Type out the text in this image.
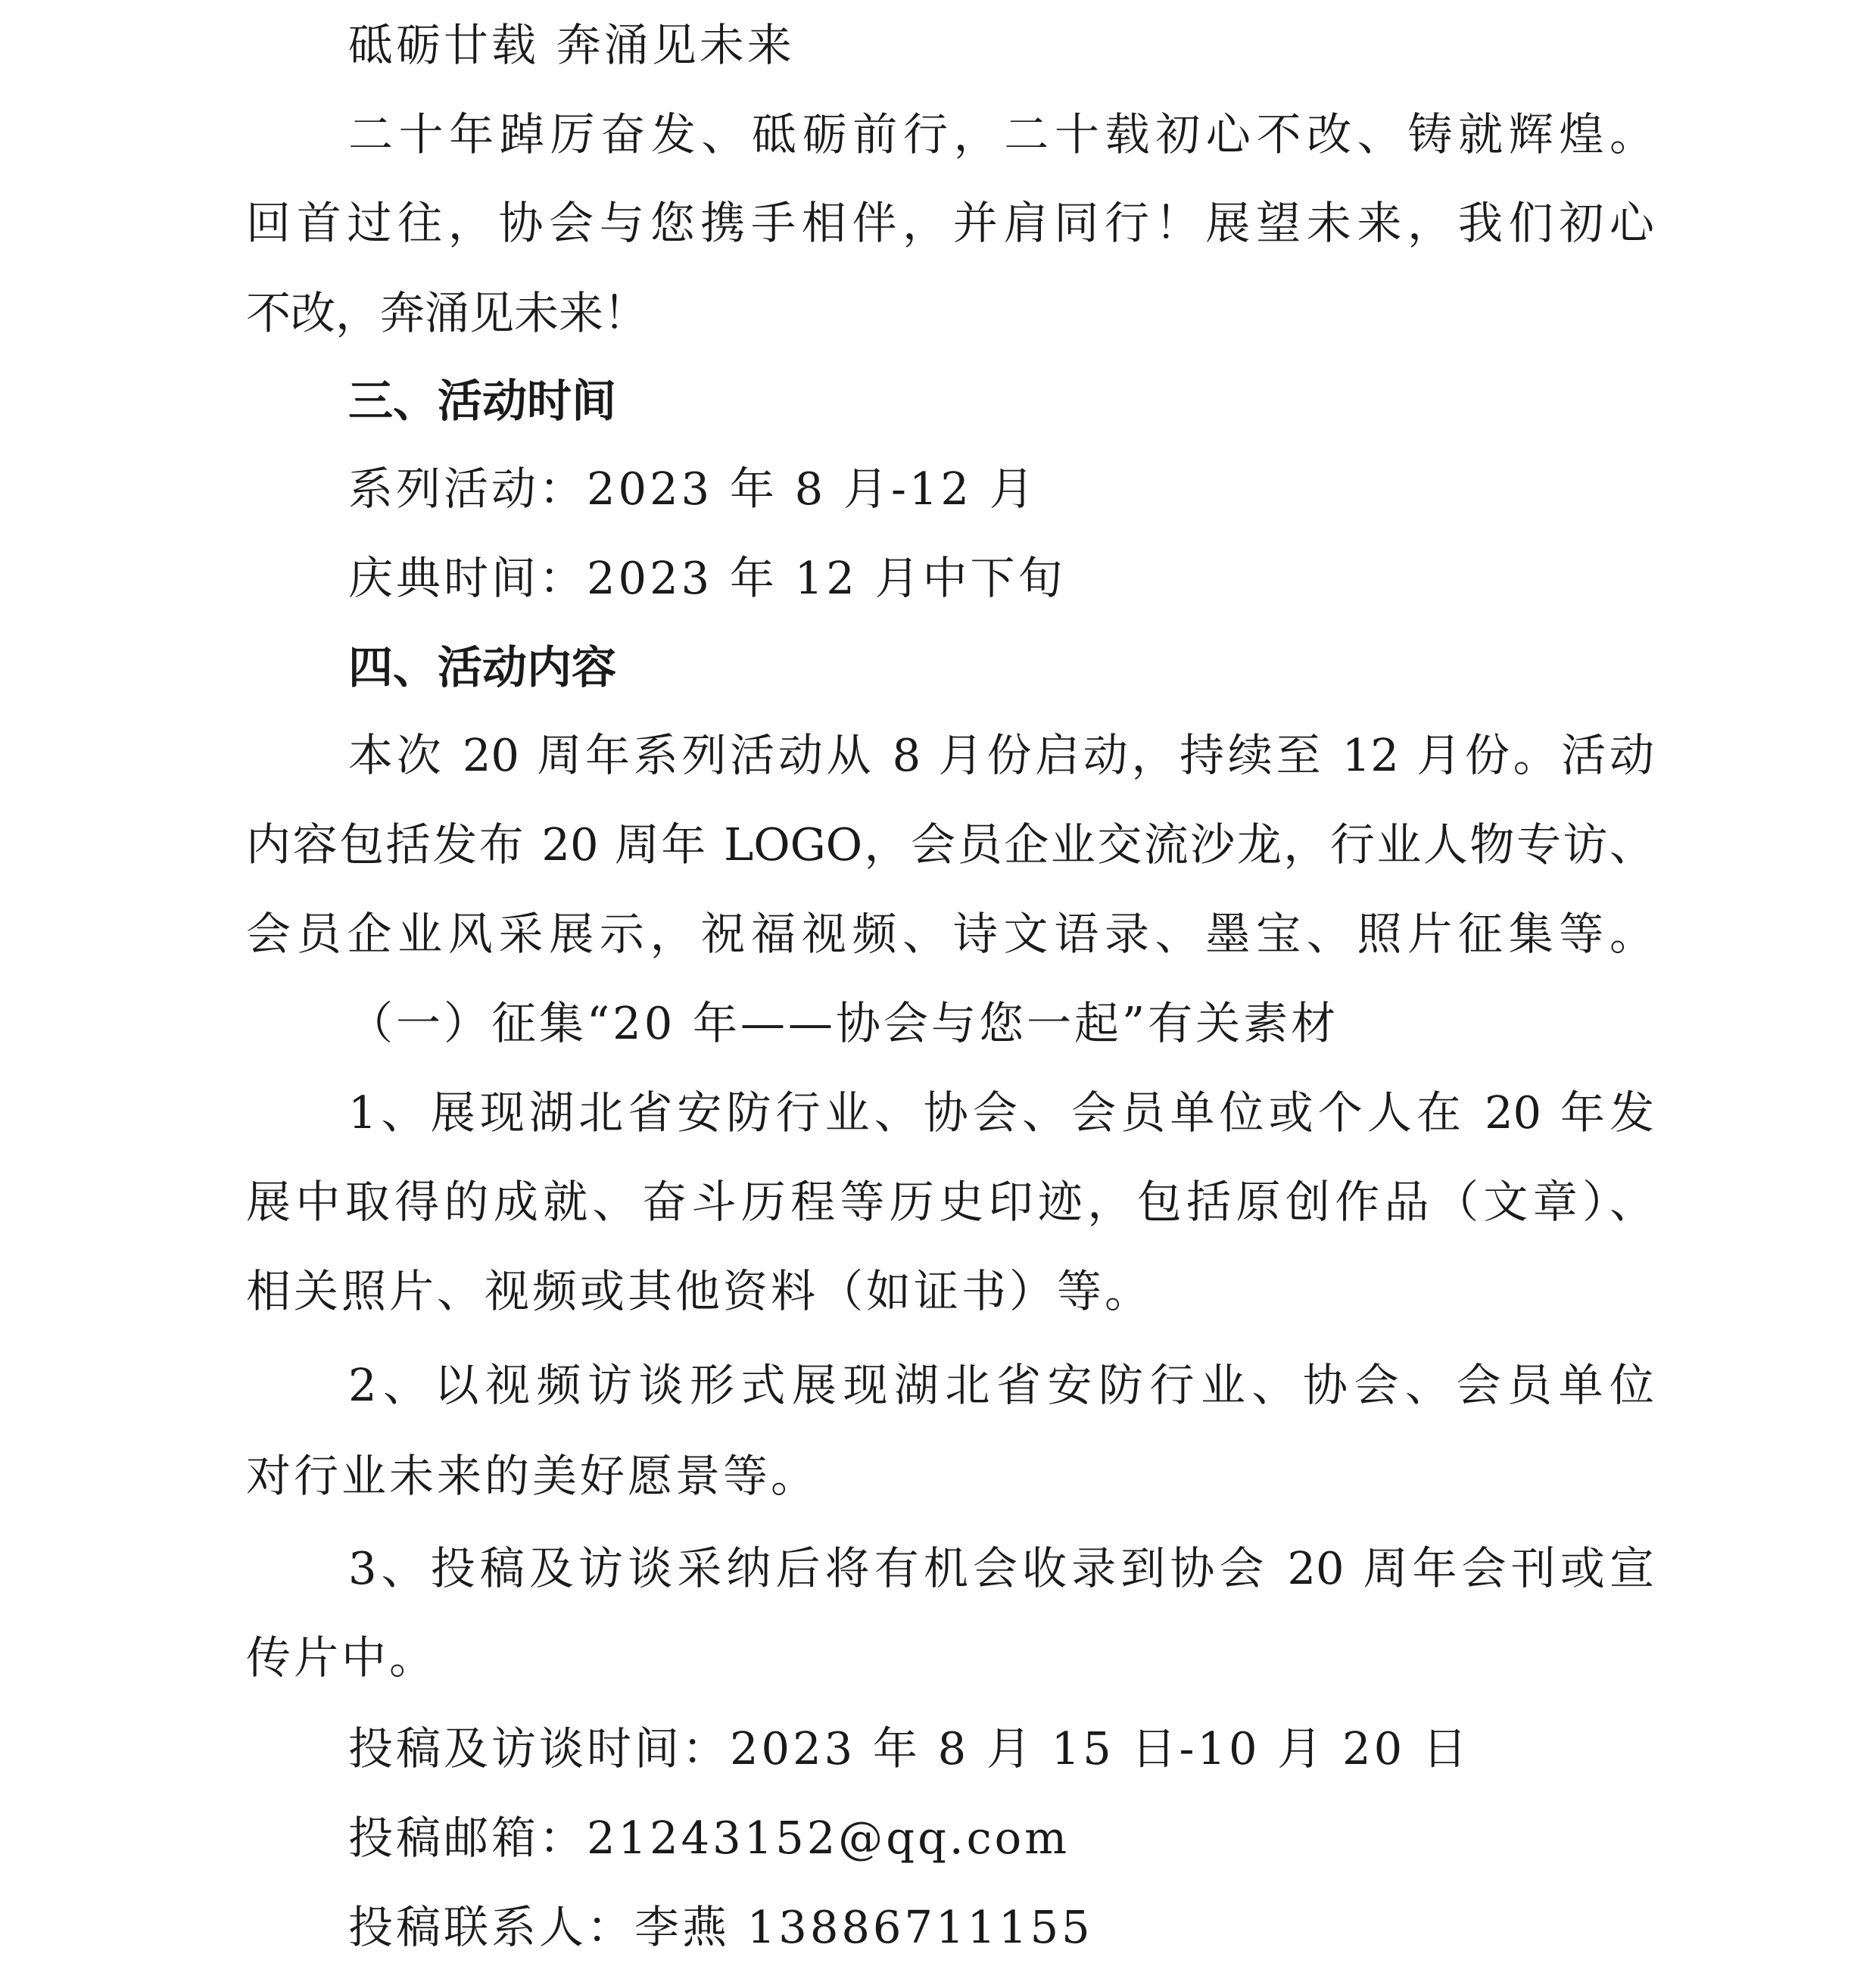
砥砺廿载 奔涌见未来
二十年踔厉奋发、砥砺前行，二十载初心不改、铸就辉煌。
回首过往，协会与您携手相伴，并肩同行！展望未来，我们初心
不改，奔涌见未来！
三、活动时间
系列活动：2023 年 8 月-12 月
庆典时间：2023 年 12 月中下旬
四、活动内容
本次 20 周年系列活动从 8 月份启动，持续至 12 月份。活动
内容包括发布 20 周年 LOGO，会员企业交流沙龙，行业人物专访、
会员企业风采展示，祝福视频、诗文语录、墨宝、照片征集等。
（一）征集“20 年——协会与您一起”有关素材
1、展现湖北省安防行业、协会、会员单位或个人在 20 年发
展中取得的成就、奋斗历程等历史印迹，包括原创作品（文章）、
相关照片、视频或其他资料（如证书）等。
2、以视频访谈形式展现湖北省安防行业、协会、会员单位
对行业未来的美好愿景等。
3、投稿及访谈采纳后将有机会收录到协会 20 周年会刊或宣
传片中。
投稿及访谈时间：2023 年 8 月 15 日-10 月 20 日
投稿邮箱：21243152@qq.com
投稿联系人：李燕 13886711155
